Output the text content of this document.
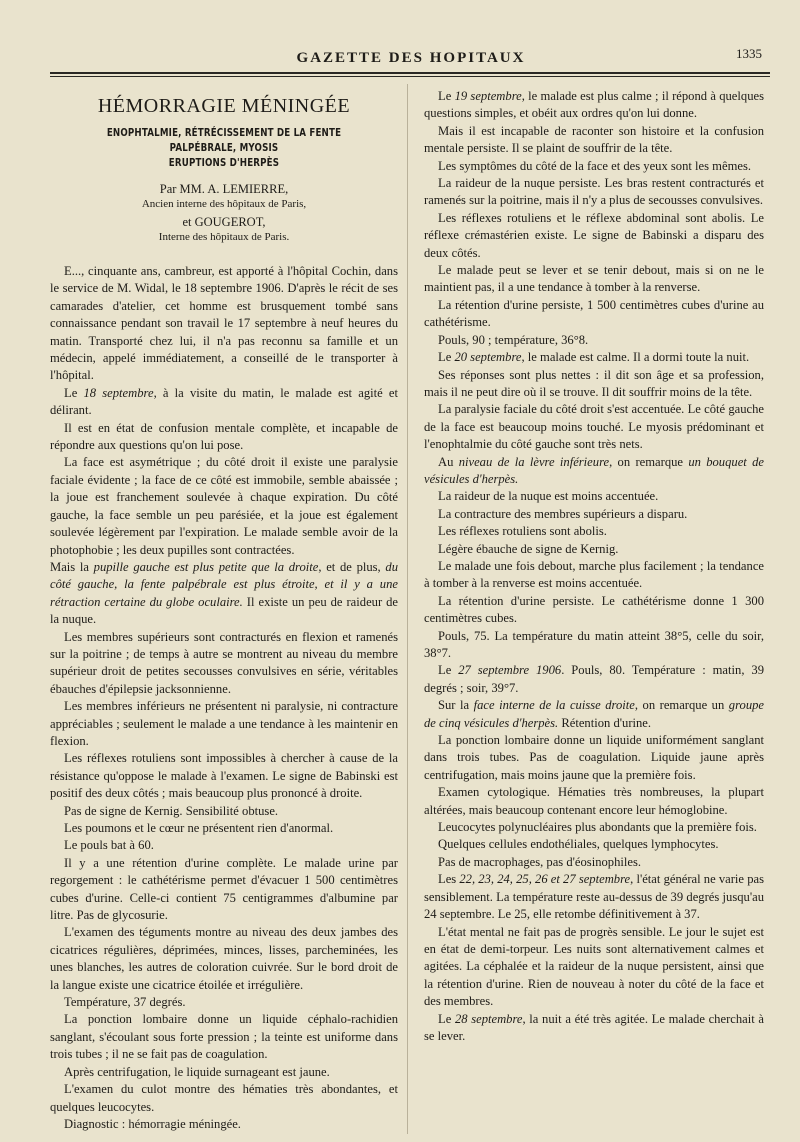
GAZETTE DES HOPITAUX	1335
HÉMORRAGIE MÉNINGÉE
ENOPHTALMIE, RÉTRÉCISSEMENT DE LA FENTE PALPÉBRALE, MYOSIS
ERUPTIONS D'HERPÈS
Par MM. A. LEMIERRE,
Ancien interne des hôpitaux de Paris,
et GOUGEROT,
Interne des hôpitaux de Paris.

E..., cinquante ans, cambreur, est apporté à l'hôpital Cochin, dans le service de M. Widal, le 18 septembre 1906. D'après le récit de ses camarades d'atelier, cet homme est brusquement tombé sans connaissance pendant son travail le 17 septembre à neuf heures du matin. Transporté chez lui, il n'a pas reconnu sa famille et un médecin, appelé immédiatement, a conseillé de le transporter à l'hôpital.

Le 18 septembre, à la visite du matin, le malade est agité et délirant.

Il est en état de confusion mentale complète, et incapable de répondre aux questions qu'on lui pose.

La face est asymétrique ; du côté droit il existe une paralysie faciale évidente ; la face de ce côté est immobile, semble abaissée ; la joue est franchement soulevée à chaque expiration. Du côté gauche, la face semble un peu parésiée, et la joue est également soulevée légèrement par l'expiration. Le malade semble avoir de la photophobie ; les deux pupilles sont contractées.

Mais la pupille gauche est plus petite que la droite, et de plus, du côté gauche, la fente palpébrale est plus étroite, et il y a une rétraction certaine du globe oculaire. Il existe un peu de raideur de la nuque.

Les membres supérieurs sont contracturés en flexion et ramenés sur la poitrine ; de temps à autre se montrent au niveau du membre supérieur droit de petites secousses convulsives en série, véritables ébauches d'épilepsie jacksonnienne.

Les membres inférieurs ne présentent ni paralysie, ni contracture appréciables ; seulement le malade a une tendance à les maintenir en flexion.

Les réflexes rotuliens sont impossibles à chercher à cause de la résistance qu'oppose le malade à l'examen. Le signe de Babinski est positif des deux côtés ; mais beaucoup plus prononcé à droite.

Pas de signe de Kernig. Sensibilité obtuse.

Les poumons et le cœur ne présentent rien d'anormal.

Le pouls bat à 60.

Il y a une rétention d'urine complète. Le malade urine par regorgement : le cathétérisme permet d'évacuer 1 500 centimètres cubes d'urine. Celle-ci contient 75 centigrammes d'albumine par litre. Pas de glycosurie.

L'examen des téguments montre au niveau des deux jambes des cicatrices régulières, déprimées, minces, lisses, parcheminées, les unes blanches, les autres de coloration cuivrée. Sur le bord droit de la langue existe une cicatrice étoilée et irrégulière.

Température, 37 degrés.

La ponction lombaire donne un liquide céphalo-rachidien sanglant, s'écoulant sous forte pression ; la teinte est uniforme dans trois tubes ; il ne se fait pas de coagulation.

Après centrifugation, le liquide surnageant est jaune.

L'examen du culot montre des hématies très abondantes, et quelques leucocytes.

Diagnostic : hémorragie méningée.

Le 19 septembre, le malade est plus calme ; il répond à quelques questions simples, et obéit aux ordres qu'on lui donne.

Mais il est incapable de raconter son histoire et la confusion mentale persiste. Il se plaint de souffrir de la tête.

Les symptômes du côté de la face et des yeux sont les mêmes.

La raideur de la nuque persiste. Les bras restent contracturés et ramenés sur la poitrine, mais il n'y a plus de secousses convulsives.

Les réflexes rotuliens et le réflexe abdominal sont abolis. Le réflexe crémastérien existe. Le signe de Babinski a disparu des deux côtés.

Le malade peut se lever et se tenir debout, mais si on ne le maintient pas, il a une tendance à tomber à la renverse.

La rétention d'urine persiste, 1 500 centimètres cubes d'urine au cathétérisme.

Pouls, 90 ; température, 36°8.

Le 20 septembre, le malade est calme. Il a dormi toute la nuit.

Ses réponses sont plus nettes : il dit son âge et sa profession, mais il ne peut dire où il se trouve. Il dit souffrir moins de la tête.

La paralysie faciale du côté droit s'est accentuée. Le côté gauche de la face est beaucoup moins touché. Le myosis prédominant et l'enophtalmie du côté gauche sont très nets.

Au niveau de la lèvre inférieure, on remarque un bouquet de vésicules d'herpès.

La raideur de la nuque est moins accentuée.

La contracture des membres supérieurs a disparu.

Les réflexes rotuliens sont abolis.

Légère ébauche de signe de Kernig.

Le malade une fois debout, marche plus facilement ; la tendance à tomber à la renverse est moins accentuée.

La rétention d'urine persiste. Le cathétérisme donne 1 300 centimètres cubes.

Pouls, 75. La température du matin atteint 38°5, celle du soir, 38°7.

Le 27 septembre 1906. Pouls, 80. Température : matin, 39 degrés ; soir, 39°7.

Sur la face interne de la cuisse droite, on remarque un groupe de cinq vésicules d'herpès. Rétention d'urine.

La ponction lombaire donne un liquide uniformément sanglant dans trois tubes. Pas de coagulation. Liquide jaune après centrifugation, mais moins jaune que la première fois.

Examen cytologique. Hématies très nombreuses, la plupart altérées, mais beaucoup contenant encore leur hémoglobine.

Leucocytes polynucléaires plus abondants que la première fois.

Quelques cellules endothéliales, quelques lymphocytes.

Pas de macrophages, pas d'éosinophiles.

Les 22, 23, 24, 25, 26 et 27 septembre, l'état général ne varie pas sensiblement. La température reste au-dessus de 39 degrés jusqu'au 24 septembre. Le 25, elle retombe définitivement à 37.

L'état mental ne fait pas de progrès sensible. Le jour le sujet est en état de demi-torpeur. Les nuits sont alternativement calmes et agitées. La céphalée et la raideur de la nuque persistent, ainsi que la rétention d'urine. Rien de nouveau à noter du côté de la face et des membres.

Le 28 septembre, la nuit a été très agitée. Le malade cherchait à se lever.
